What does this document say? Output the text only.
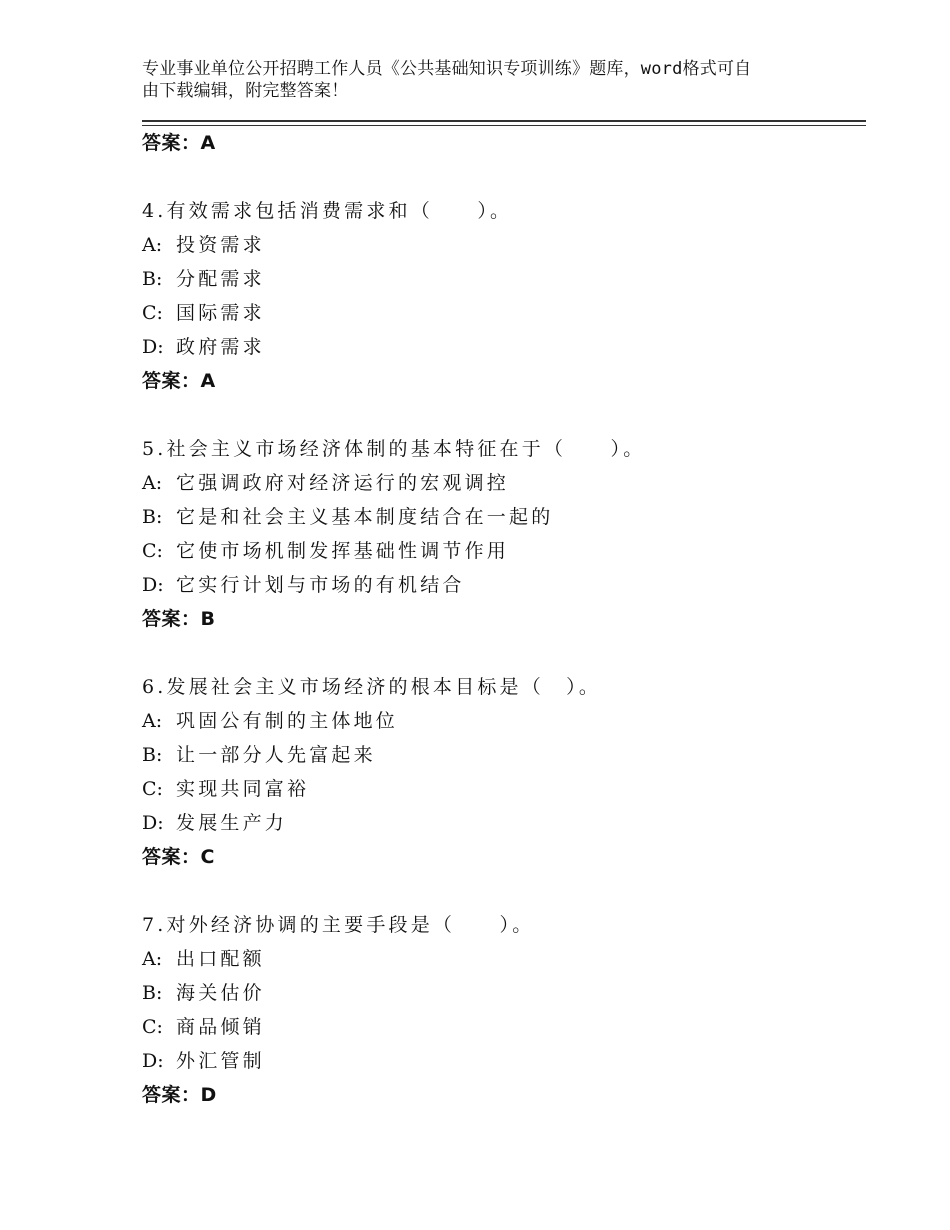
专业事业单位公开招聘工作人员《公共基础知识专项训练》题库，word格式可自
由下载编辑，附完整答案！
答案：A
4.有效需求包括消费需求和（　　）。
A: 投资需求
B: 分配需求
C: 国际需求
D: 政府需求
答案：A
5.社会主义市场经济体制的基本特征在于（　　）。
A: 它强调政府对经济运行的宏观调控
B: 它是和社会主义基本制度结合在一起的
C: 它使市场机制发挥基础性调节作用
D: 它实行计划与市场的有机结合
答案：B
6.发展社会主义市场经济的根本目标是（　）。
A: 巩固公有制的主体地位
B: 让一部分人先富起来
C: 实现共同富裕
D: 发展生产力
答案：C
7.对外经济协调的主要手段是（　　）。
A: 出口配额
B: 海关估价
C: 商品倾销
D: 外汇管制
答案：D
